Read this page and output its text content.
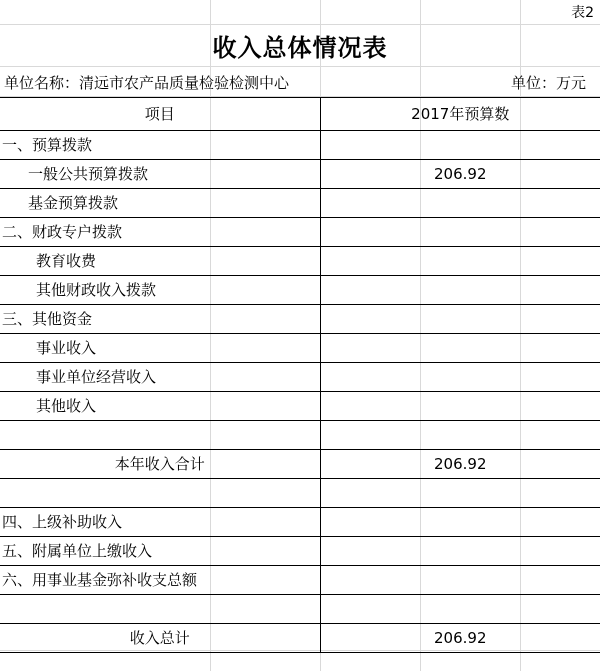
表2
收入总体情况表
单位名称：清远市农产品质量检验检测中心	单位：万元
项目	2017年预算数
一、预算拨款	
一般公共预算拨款	206.92
基金预算拨款	
二、财政专户拨款	
教育收费	
其他财政收入拨款	
三、其他资金	
事业收入	
事业单位经营收入	
其他收入	

本年收入合计	206.92

四、上级补助收入	
五、附属单位上缴收入	
六、用事业基金弥补收支总额	

收入总计	206.92
